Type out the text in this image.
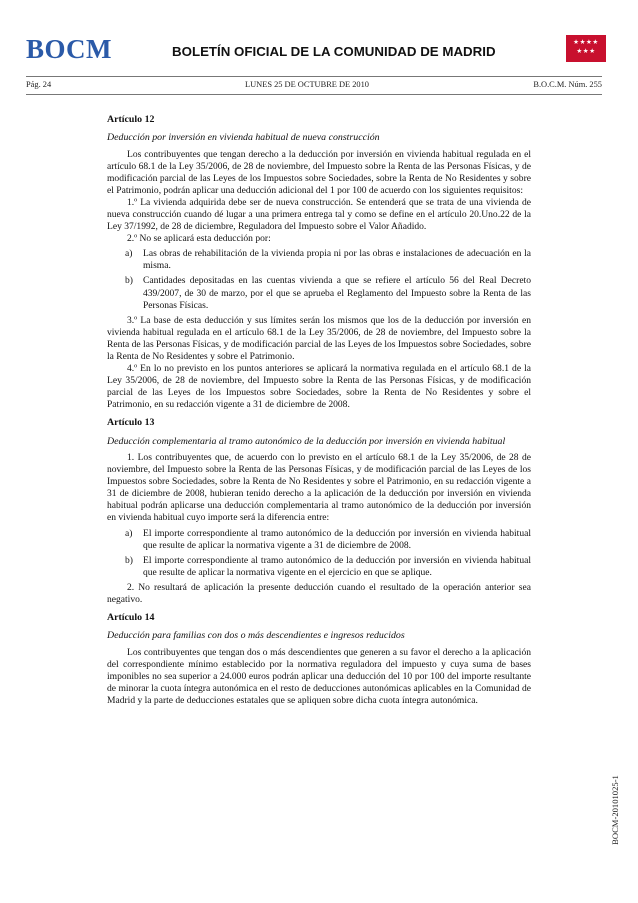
BOCM	BOLETÍN OFICIAL DE LA COMUNIDAD DE MADRID
★★★★
★★★
Pág. 24	LUNES 25 DE OCTUBRE DE 2010	B.O.C.M. Núm. 255
Artículo 12
Deducción por inversión en vivienda habitual de nueva construcción

Los contribuyentes que tengan derecho a la deducción por inversión en vivienda habitual regulada en el artículo 68.1 de la Ley 35/2006, de 28 de noviembre, del Impuesto sobre la Renta de las Personas Físicas, y de modificación parcial de las Leyes de los Impuestos sobre Sociedades, sobre la Renta de No Residentes y sobre el Patrimonio, podrán aplicar una deducción adicional del 1 por 100 de acuerdo con los siguientes requisitos:

1.º La vivienda adquirida debe ser de nueva construcción. Se entenderá que se trata de una vivienda de nueva construcción cuando dé lugar a una primera entrega tal y como se define en el artículo 20.Uno.22 de la Ley 37/1992, de 28 de diciembre, Reguladora del Impuesto sobre el Valor Añadido.

2.º No se aplicará esta deducción por:

a)	Las obras de rehabilitación de la vivienda propia ni por las obras e instalaciones de adecuación en la misma.
b)	Cantidades depositadas en las cuentas vivienda a que se refiere el artículo 56 del Real Decreto 439/2007, de 30 de marzo, por el que se aprueba el Reglamento del Impuesto sobre la Renta de las Personas Físicas.

3.º La base de esta deducción y sus límites serán los mismos que los de la deducción por inversión en vivienda habitual regulada en el artículo 68.1 de la Ley 35/2006, de 28 de noviembre, del Impuesto sobre la Renta de las Personas Físicas, y de modificación parcial de las Leyes de los Impuestos sobre Sociedades, sobre la Renta de No Residentes y sobre el Patrimonio.

4.º En lo no previsto en los puntos anteriores se aplicará la normativa regulada en el artículo 68.1 de la Ley 35/2006, de 28 de noviembre, del Impuesto sobre la Renta de las Personas Físicas, y de modificación parcial de las Leyes de los Impuestos sobre Sociedades, sobre la Renta de No Residentes y sobre el Patrimonio, en su redacción vigente a 31 de diciembre de 2008.

Artículo 13
Deducción complementaria al tramo autonómico de la deducción por inversión en vivienda habitual

1. Los contribuyentes que, de acuerdo con lo previsto en el artículo 68.1 de la Ley 35/2006, de 28 de noviembre, del Impuesto sobre la Renta de las Personas Físicas, y de modificación parcial de las Leyes de los Impuestos sobre Sociedades, sobre la Renta de No Residentes y sobre el Patrimonio, en su redacción vigente a 31 de diciembre de 2008, hubieran tenido derecho a la aplicación de la deducción por inversión en vivienda habitual podrán aplicarse una deducción complementaria al tramo autonómico de la deducción por inversión en vivienda habitual cuyo importe será la diferencia entre:

a)	El importe correspondiente al tramo autonómico de la deducción por inversión en vivienda habitual que resulte de aplicar la normativa vigente a 31 de diciembre de 2008.
b)	El importe correspondiente al tramo autonómico de la deducción por inversión en vivienda habitual que resulte de aplicar la normativa vigente en el ejercicio en que se aplique.

2. No resultará de aplicación la presente deducción cuando el resultado de la operación anterior sea negativo.

Artículo 14
Deducción para familias con dos o más descendientes e ingresos reducidos

Los contribuyentes que tengan dos o más descendientes que generen a su favor el derecho a la aplicación del correspondiente mínimo establecido por la normativa reguladora del impuesto y cuya suma de bases imponibles no sea superior a 24.000 euros podrán aplicar una deducción del 10 por 100 del importe resultante de minorar la cuota íntegra autonómica en el resto de deducciones autonómicas aplicables en la Comunidad de Madrid y la parte de deducciones estatales que se apliquen sobre dicha cuota íntegra autonómica.

BOCM-20101025-1
